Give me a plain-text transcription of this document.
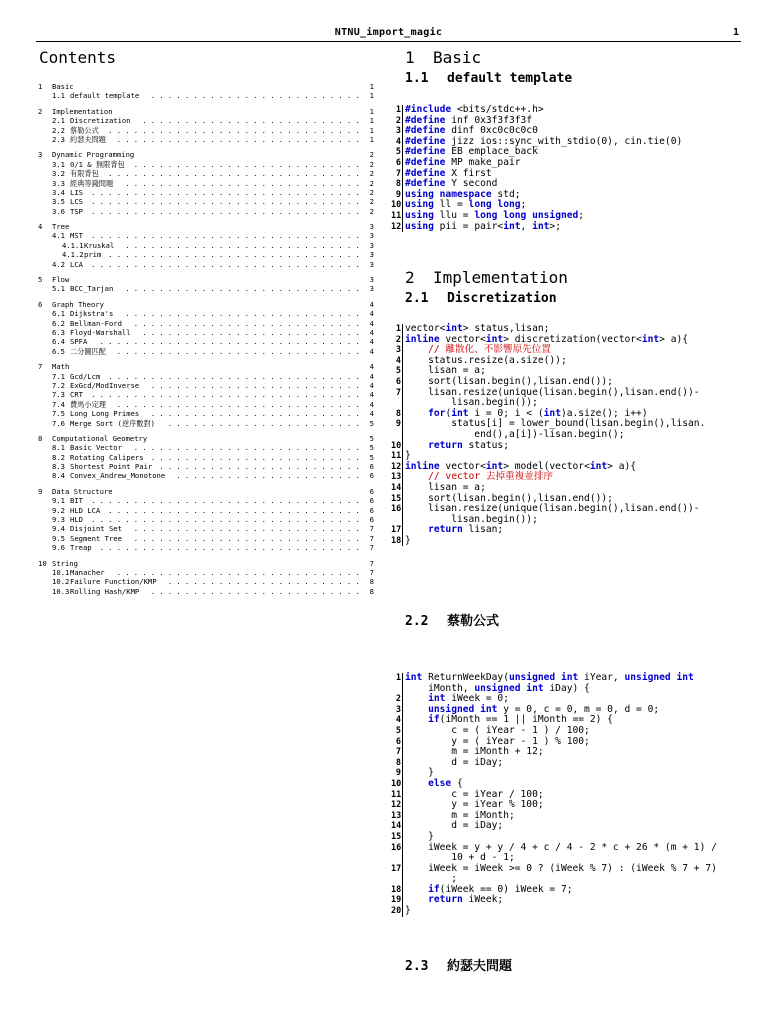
NTNU_import_magic	1
Contents
1 Basic	1
1.1 default template	......................... 1
2 Implementation	1
2.1 Discretization	.......................... 1
2.2 蔡勒公式	.............................. 1
2.3 約瑟夫問題	............................. 1
3 Dynamic Programming	2
3.1 0/1 & 無限背包	........................... 2
3.2 有限背包	.............................. 2
3.3 經典等錢問題	............................ 2
3.4 LIS ................................ 2
3.5 LCS ................................ 2
3.6 TSP ................................ 2
4 Tree	3
4.1 MST ................................ 3
4.1.1Kruskal	............................ 3
4.1.2prim .............................. 3
4.2 LCA ................................ 3
5 Flow	3
5.1 BCC_Tarjan	............................ 3
6 Graph Theory	4
6.1 Dijkstra's	............................ 4
6.2 Bellman-Ford	........................... 4
6.3 Floyd-Warshall	.......................... 4
6.4 SPFA	............................... 4
6.5 二分圖匹配	............................. 4
7 Math	4
7.1 Gcd/Lcm .............................. 4
7.2 ExGcd/ModInverse	......................... 4
7.3 CRT ................................ 4
7.4 費馬小定理	............................. 4
7.5 Long Long Primes	......................... 4
7.6 Merge Sort (逆序數對)	....................... 5
8 Computational Geometry	5
8.1 Basic Vector	........................... 5
8.2 Rotating Calipers ......................... 5
8.3 Shortest Point Pair ........................ 6
8.4 Convex_Andrew_Monotone	...................... 6
9 Data Structure	6
9.1 BIT ................................ 6
9.2 HLD LCA .............................. 6
9.3 HLD ................................ 6
9.4 Disjoint Set	........................... 7
9.5 Segment Tree	........................... 7
9.6 Treap ............................... 7
10 String	7
10.1Manacher	............................. 7
10.2Failure Function/KMP	....................... 8
10.3Rolling Hash/KMP	......................... 8
1 Basic
1.1 default template
1 #include <bits/stdc++.h>
2 #define inf 0x3f3f3f3f
3 #define dinf 0xc0c0c0c0
4 #define jizz ios::sync_with_stdio(0), cin.tie(0)
5 #define EB emplace_back
6 #define MP make_pair
7 #define X first
8 #define Y second
9 using namespace std;
10 using ll = long long;
11 using llu = long long unsigned;
12 using pii = pair<int, int>;
2 Implementation
2.1 Discretization
1 vector<int> status,lisan;
2 inline vector<int> discretization(vector<int> a){
3	// 離散化、不影響原先位置
4 status.resize(a.size());
5 lisan = a;
6 sort(lisan.begin(),lisan.end());
7 lisan.resize(unique(lisan.begin(),lisan.end())-
lisan.begin());
8	for(int i = 0; i < (int)a.size(); i++)
9 status[i] = lower_bound(lisan.begin(),lisan.
end(),a[i])-lisan.begin();
10	return status;
11 }
12 inline vector<int> model(vector<int> a){
13	// vector 去掉重複並排序
14 lisan = a;
15 sort(lisan.begin(),lisan.end());
16 lisan.resize(unique(lisan.begin(),lisan.end())-
lisan.begin());
17	return lisan;
18 }
2.2 蔡勒公式
1 int ReturnWeekDay(unsigned int iYear, unsigned int
iMonth, unsigned int iDay) {
2	int iWeek = 0;
3	unsigned int y = 0, c = 0, m = 0, d = 0;
4	if(iMonth == 1 || iMonth == 2) {
5 c = ( iYear - 1 ) / 100;
6 y = ( iYear - 1 ) % 100;
7 m = iMonth + 12;
8 d = iDay;
9 }
10	else {
11 c = iYear / 100;
12 y = iYear % 100;
13 m = iMonth;
14 d = iDay;
15 }
16 iWeek = y + y / 4 + c / 4 - 2 * c + 26 * (m + 1) /
10 + d - 1;
17 iWeek = iWeek >= 0 ? (iWeek % 7) : (iWeek % 7 + 7)
;
18	if(iWeek == 0) iWeek = 7;
19	return iWeek;
20 }
2.3 約瑟夫問題
